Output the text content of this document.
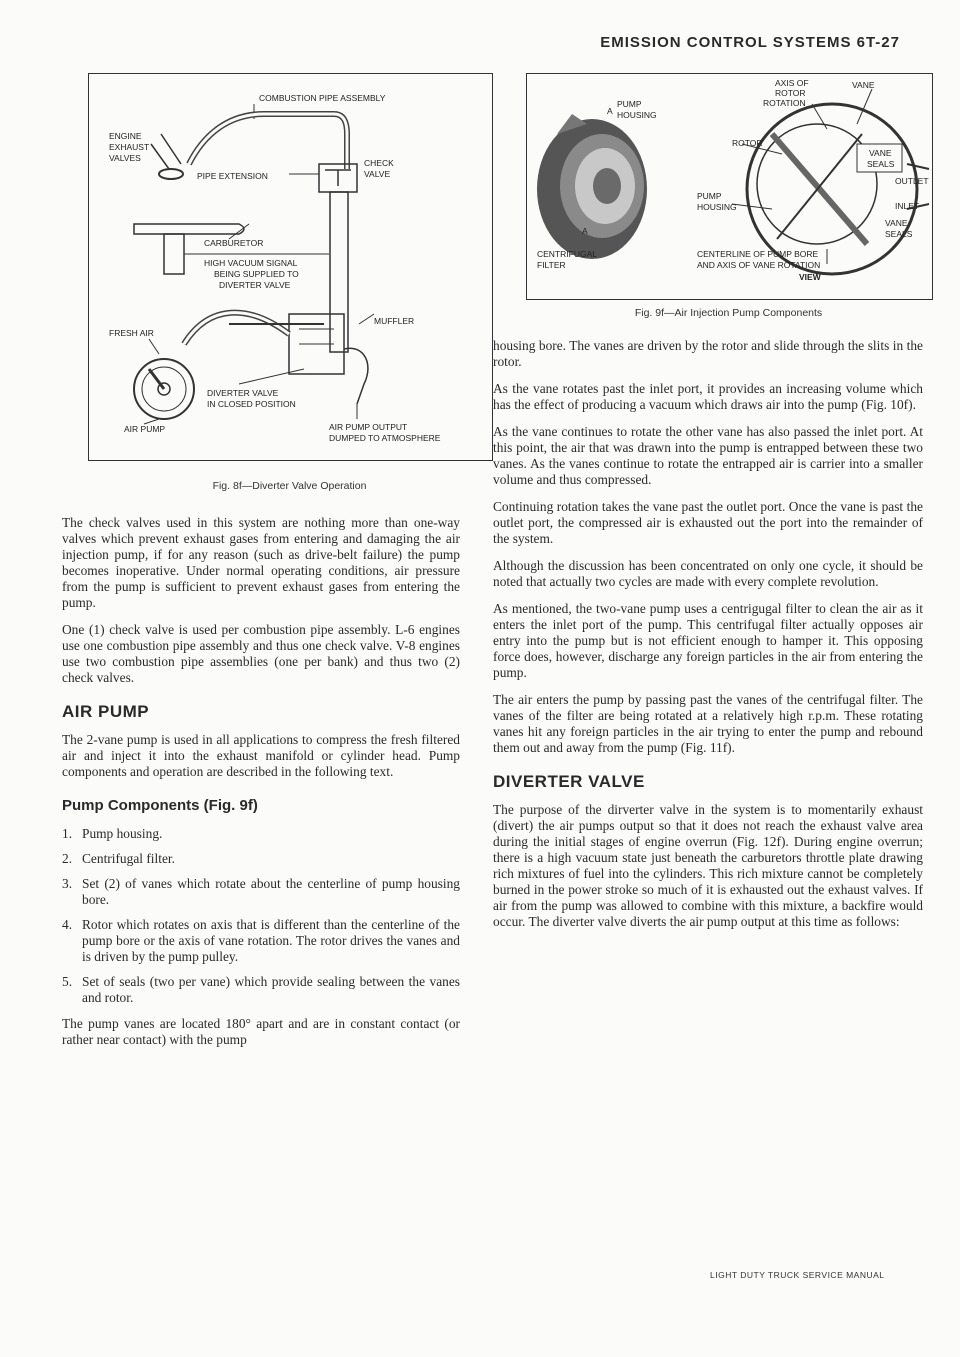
EMISSION CONTROL SYSTEMS 6T-27
COMBUSTION PIPE ASSEMBLY
ENGINE
EXHAUST
VALVES
PIPE EXTENSION
CHECK
VALVE
CARBURETOR
HIGH VACUUM SIGNAL
BEING SUPPLIED TO
DIVERTER VALVE
MUFFLER
FRESH AIR
DIVERTER VALVE
IN CLOSED POSITION
AIR PUMP	AIR PUMP OUTPUT
DUMPED TO ATMOSPHERE
Fig. 8f—Diverter Valve Operation
AXIS OF
ROTOR
ROTATION
VANE
PUMP
HOUSING
A
ROTOR
VANE
SEALS
OUTLET
PUMP
HOUSING	INLET
VANE
SEALS
A
CENTRIFUGAL
FILTER
CENTERLINE OF PUMP BORE
AND AXIS OF VANE ROTATION
VIEW
Fig. 9f—Air Injection Pump Components

The check valves used in this system are nothing more than one-way valves which prevent exhaust gases from entering and damaging the air injection pump, if for any reason (such as drive-belt failure) the pump becomes inoperative. Under normal operating conditions, air pressure from the pump is sufficient to prevent exhaust gases from entering the pump.

One (1) check valve is used per combustion pipe assembly. L-6 engines use one combustion pipe assembly and thus one check valve. V-8 engines use two combustion pipe assemblies (one per bank) and thus two (2) check valves.

AIR PUMP

The 2-vane pump is used in all applications to compress the fresh filtered air and inject it into the exhaust manifold or cylinder head. Pump components and operation are described in the following text.

Pump Components (Fig. 9f)
1. Pump housing.
2. Centrifugal filter.
3. Set (2) of vanes which rotate about the centerline of pump housing bore.
4. Rotor which rotates on axis that is different than the centerline of the pump bore or the axis of vane rotation. The rotor drives the vanes and is driven by the pump pulley.
5. Set of seals (two per vane) which provide sealing between the vanes and rotor.

The pump vanes are located 180° apart and are in constant contact (or rather near contact) with the pump

housing bore. The vanes are driven by the rotor and slide through the slits in the rotor.

As the vane rotates past the inlet port, it provides an increasing volume which has the effect of producing a vacuum which draws air into the pump (Fig. 10f).

As the vane continues to rotate the other vane has also passed the inlet port. At this point, the air that was drawn into the pump is entrapped between these two vanes. As the vanes continue to rotate the entrapped air is carrier into a smaller volume and thus compressed.

Continuing rotation takes the vane past the outlet port. Once the vane is past the outlet port, the compressed air is exhausted out the port into the remainder of the system.

Although the discussion has been concentrated on only one cycle, it should be noted that actually two cycles are made with every complete revolution.

As mentioned, the two-vane pump uses a centrigugal filter to clean the air as it enters the inlet port of the pump. This centrifugal filter actually opposes air entry into the pump but is not efficient enough to hamper it. This opposing force does, however, discharge any foreign particles in the air from entering the pump.

The air enters the pump by passing past the vanes of the centrifugal filter. The vanes of the filter are being rotated at a relatively high r.p.m. These rotating vanes hit any foreign particles in the air trying to enter the pump and rebound them out and away from the pump (Fig. 11f).

DIVERTER VALVE

The purpose of the dirverter valve in the system is to momentarily exhaust (divert) the air pumps output so that it does not reach the exhaust valve area during the initial stages of engine overrun (Fig. 12f). During engine overrun; there is a high vacuum state just beneath the carburetors throttle plate drawing rich mixtures of fuel into the cylinders. This rich mixture cannot be completely burned in the power stroke so much of it is exhausted out the exhaust valves. If air from the pump was allowed to combine with this mixture, a backfire would occur. The diverter valve diverts the air pump output at this time as follows:

LIGHT DUTY TRUCK SERVICE MANUAL
